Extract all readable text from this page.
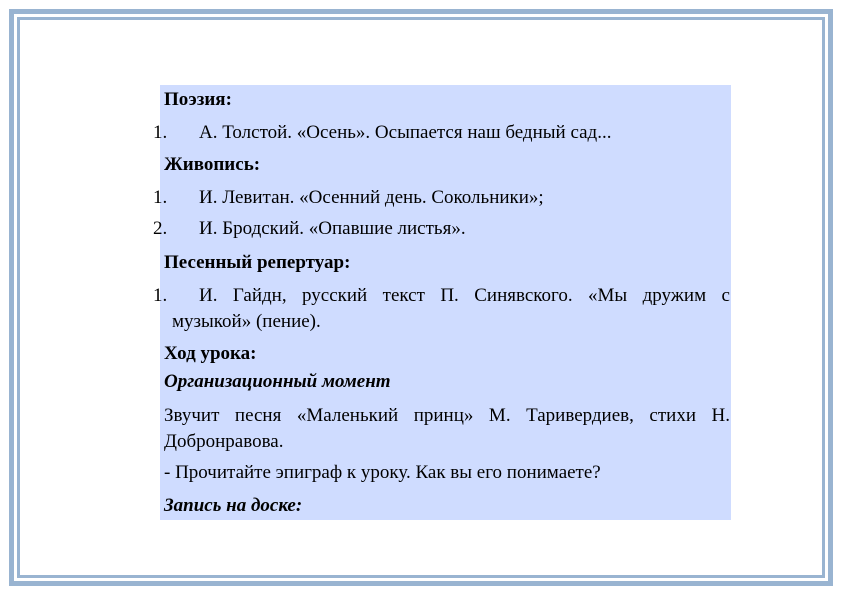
Поэзия:
1. А. Толстой. «Осень». Осыпается наш бедный сад...
Живопись:
1. И. Левитан. «Осенний день. Сокольники»;
2. И. Бродский. «Опавшие листья».
Песенный репертуар:
1. И. Гайдн, русский текст П. Синявского. «Мы дружим с
музыкой» (пение).
Ход урока:
Организационный момент
Звучит песня «Маленький принц» М. Таривердиев, стихи Н.
Добронравова.
- Прочитайте эпиграф к уроку. Как вы его понимаете?
Запись на доске:
